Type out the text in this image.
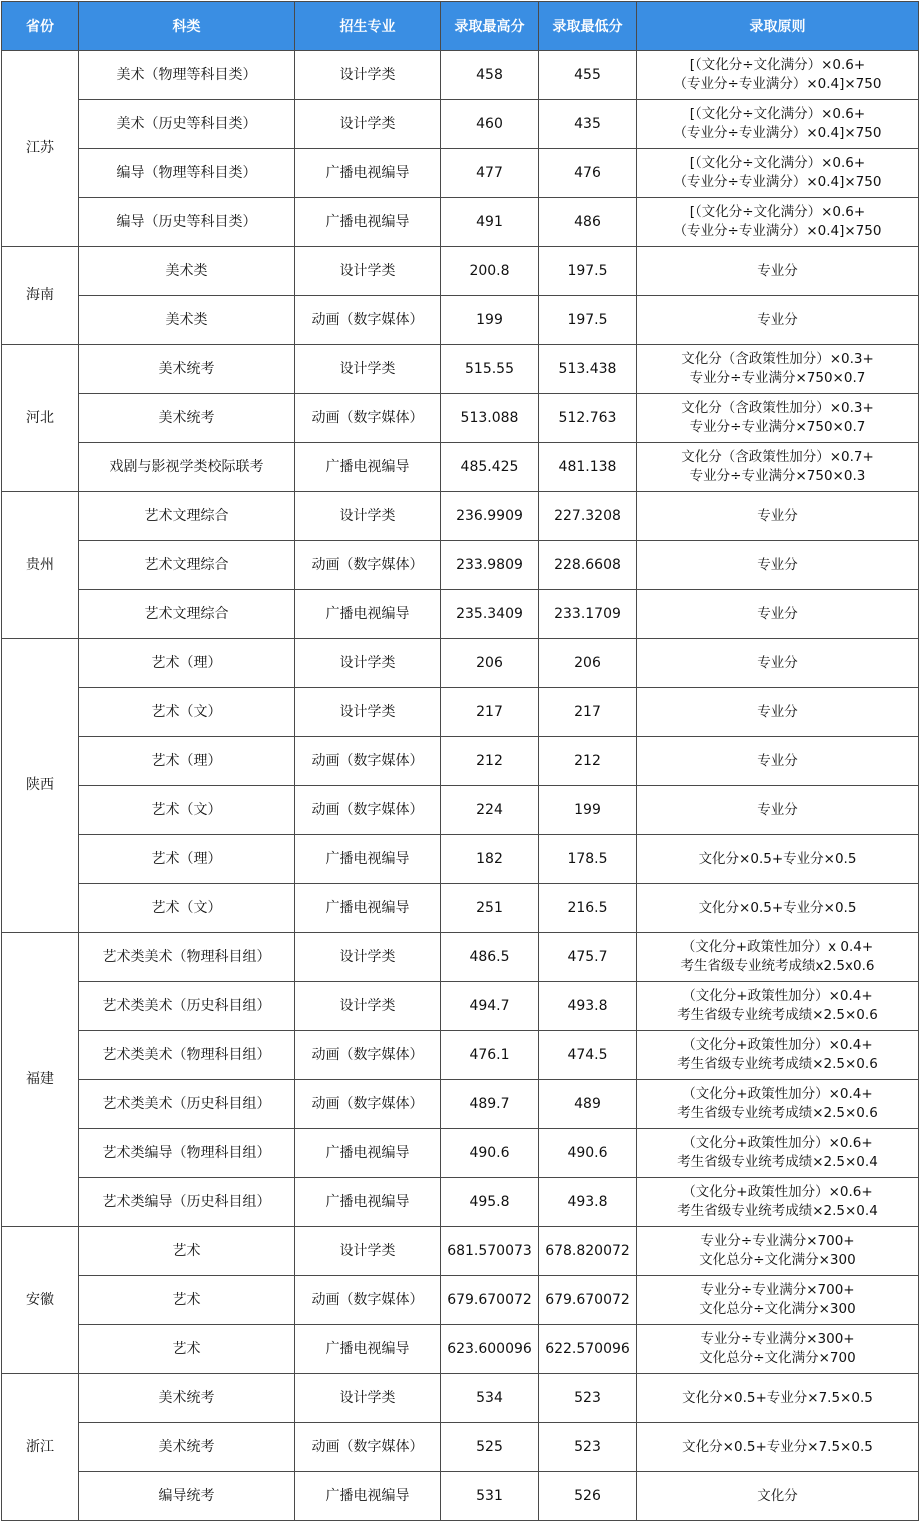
省份	科类	招生专业	录取最高分	录取最低分	录取原则
江苏	美术（物理等科目类）	设计学类	458	455	[（文化分÷文化满分）×0.6+
（专业分÷专业满分）×0.4]×750

	美术（历史等科目类）	设计学类	460	435	[（文化分÷文化满分）×0.6+
（专业分÷专业满分）×0.4]×750

	编导（物理等科目类）	广播电视编导	477	476	[（文化分÷文化满分）×0.6+
（专业分÷专业满分）×0.4]×750

	编导（历史等科目类）	广播电视编导	491	486	[（文化分÷文化满分）×0.6+
（专业分÷专业满分）×0.4]×750

海南	美术类	设计学类	200.8	197.5	专业分

	美术类	动画（数字媒体）	199	197.5	专业分

河北	美术统考	设计学类	515.55	513.438	文化分（含政策性加分）×0.3+
专业分÷专业满分×750×0.7

	美术统考	动画（数字媒体）	513.088	512.763	文化分（含政策性加分）×0.3+
专业分÷专业满分×750×0.7

	戏剧与影视学类校际联考	广播电视编导	485.425	481.138	文化分（含政策性加分）×0.7+
专业分÷专业满分×750×0.3

贵州	艺术文理综合	设计学类	236.9909	227.3208	专业分

	艺术文理综合	动画（数字媒体）	233.9809	228.6608	专业分

	艺术文理综合	广播电视编导	235.3409	233.1709	专业分

陕西	艺术（理）	设计学类	206	206	专业分

	艺术（文）	设计学类	217	217	专业分

	艺术（理）	动画（数字媒体）	212	212	专业分

	艺术（文）	动画（数字媒体）	224	199	专业分

	艺术（理）	广播电视编导	182	178.5	文化分×0.5+专业分×0.5

	艺术（文）	广播电视编导	251	216.5	文化分×0.5+专业分×0.5

福建	艺术类美术（物理科目组）	设计学类	486.5	475.7	（文化分+政策性加分）x 0.4+
考生省级专业统考成绩x2.5x0.6

	艺术类美术（历史科目组）	设计学类	494.7	493.8	（文化分+政策性加分）×0.4+
考生省级专业统考成绩×2.5×0.6

	艺术类美术（物理科目组）	动画（数字媒体）	476.1	474.5	（文化分+政策性加分）×0.4+
考生省级专业统考成绩×2.5×0.6

	艺术类美术（历史科目组）	动画（数字媒体）	489.7	489	（文化分+政策性加分）×0.4+
考生省级专业统考成绩×2.5×0.6

	艺术类编导（物理科目组）	广播电视编导	490.6	490.6	（文化分+政策性加分）×0.6+
考生省级专业统考成绩×2.5×0.4

	艺术类编导（历史科目组）	广播电视编导	495.8	493.8	（文化分+政策性加分）×0.6+
考生省级专业统考成绩×2.5×0.4

安徽	艺术	设计学类	681.570073	678.820072	专业分÷专业满分×700+
文化总分÷文化满分×300

	艺术	动画（数字媒体）	679.670072	679.670072	专业分÷专业满分×700+
文化总分÷文化满分×300

	艺术	广播电视编导	623.600096	622.570096	专业分÷专业满分×300+
文化总分÷文化满分×700

浙江	美术统考	设计学类	534	523	文化分×0.5+专业分×7.5×0.5

	美术统考	动画（数字媒体）	525	523	文化分×0.5+专业分×7.5×0.5

	编导统考	广播电视编导	531	526	文化分
